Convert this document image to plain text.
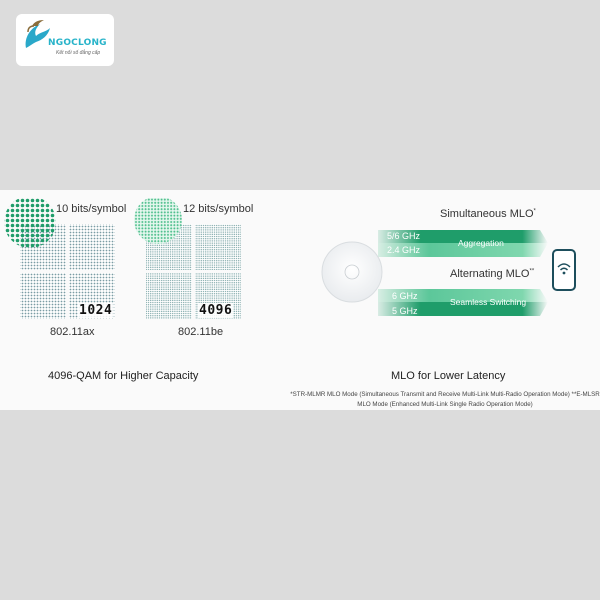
NGOCLONG
Kết nối số đẳng cấp
10 bits/symbol	12 bits/symbol
1024	4096
802.11ax	802.11be
4096-QAM for Higher Capacity
Simultaneous MLO*
Alternating MLO**
5/6 GHz
2.4 GHz
Aggregation
6 GHz
5 GHz
Seamless Switching
MLO for Lower Latency
*STR-MLMR MLO Mode (Simultaneous Transmit and Receive Multi-Link Multi-Radio Operation Mode) **E-MLSR MLO Mode (Enhanced Multi-Link Single Radio Operation Mode)
